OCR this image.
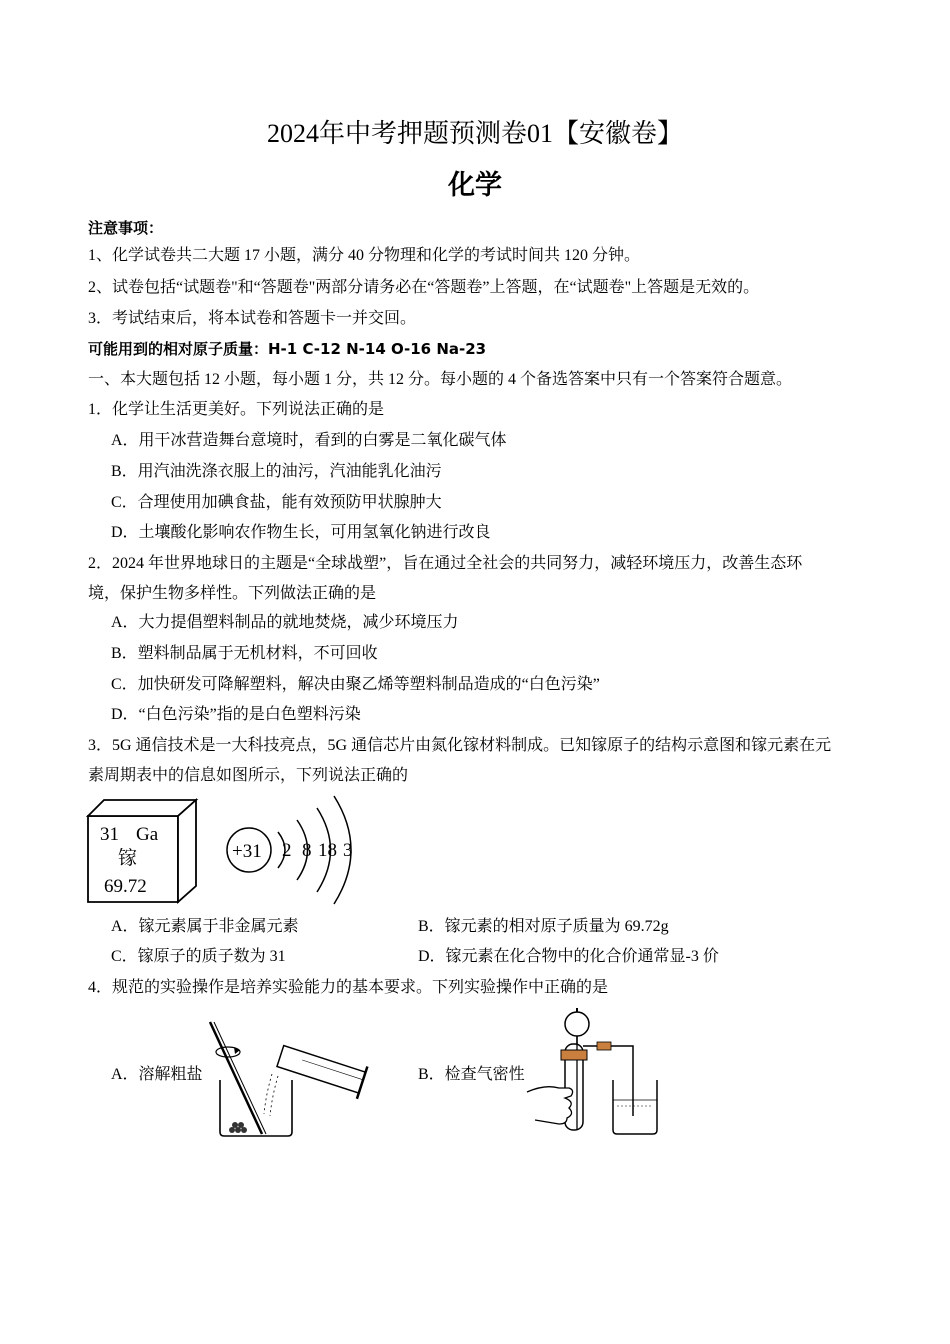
2024年中考押题预测卷01【安徽卷】
化学
注意事项：
1、化学试卷共二大题 17 小题，满分 40 分物理和化学的考试时间共 120 分钟。
2、试卷包括“试题卷"和“答题卷"两部分请务必在“答题卷”上答题，在“试题卷"上答题是无效的。
3．考试结束后，将本试卷和答题卡一并交回。
可能用到的相对原子质量：H-1 C-12 N-14 O-16 Na-23
一、本大题包括 12 小题，每小题 1 分，共 12 分。每小题的 4 个备选答案中只有一个答案符合题意。
1．化学让生活更美好。下列说法正确的是
A．用干冰营造舞台意境时，看到的白雾是二氧化碳气体
B．用汽油洗涤衣服上的油污，汽油能乳化油污
C．合理使用加碘食盐，能有效预防甲状腺肿大
D．土壤酸化影响农作物生长，可用氢氧化钠进行改良
2．2024 年世界地球日的主题是“全球战塑”，旨在通过全社会的共同努力，减轻环境压力，改善生态环
境，保护生物多样性。下列做法正确的是
A．大力提倡塑料制品的就地焚烧，减少环境压力
B．塑料制品属于无机材料，不可回收
C．加快研发可降解塑料，解决由聚乙烯等塑料制品造成的“白色污染”
D．“白色污染”指的是白色塑料污染
3．5G 通信技术是一大科技亮点，5G 通信芯片由氮化镓材料制成。已知镓原子的结构示意图和镓元素在元
素周期表中的信息如图所示，下列说法正确的
31 Ga
镓
69.72
+31 2 8 18 3
A．镓元素属于非金属元素	B．镓元素的相对原子质量为 69.72g
C．镓原子的质子数为 31	D．镓元素在化合物中的化合价通常显-3 价
4．规范的实验操作是培养实验能力的基本要求。下列实验操作中正确的是
A．溶解粗盐	B．检查气密性
